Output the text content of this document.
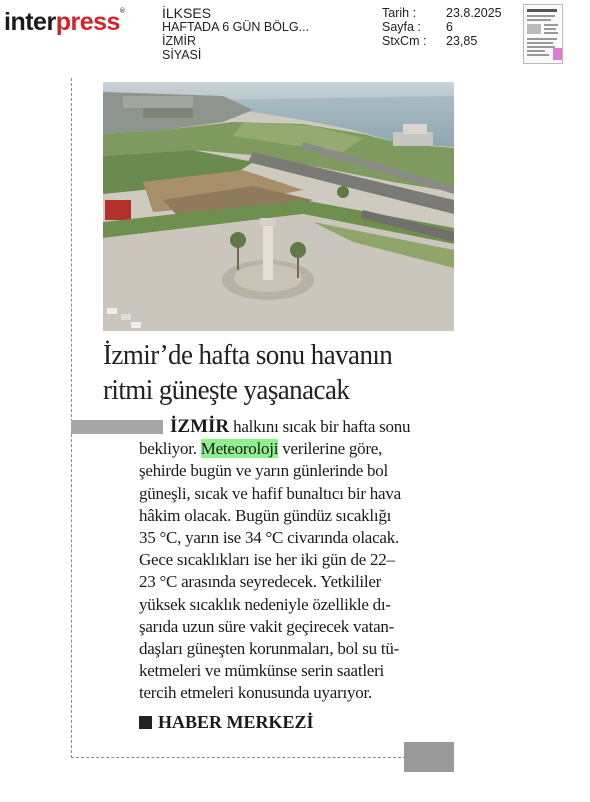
interpress®	İLKSES
HAFTADA 6 GÜN BÖLG...
İZMİR
SİYASİ
Tarih :	23.8.2025
Sayfa :	6
StxCm :	23,85
İzmir’de hafta sonu havanın
ritmi güneşte yaşanacak
İZMİR halkını sıcak bir hafta sonu
bekliyor. Meteoroloji verilerine göre,
şehirde bugün ve yarın günlerinde bol
güneşli, sıcak ve hafif bunaltıcı bir hava
hâkim olacak. Bugün gündüz sıcaklığı
35 °C, yarın ise 34 °C civarında olacak.
Gece sıcaklıkları ise her iki gün de 22–
23 °C arasında seyredecek. Yetkililer
yüksek sıcaklık nedeniyle özellikle dı-
şarıda uzun süre vakit geçirecek vatan-
daşları güneşten korunmaları, bol su tü-
ketmeleri ve mümkünse serin saatleri
tercih etmeleri konusunda uyarıyor.
HABER MERKEZİ
